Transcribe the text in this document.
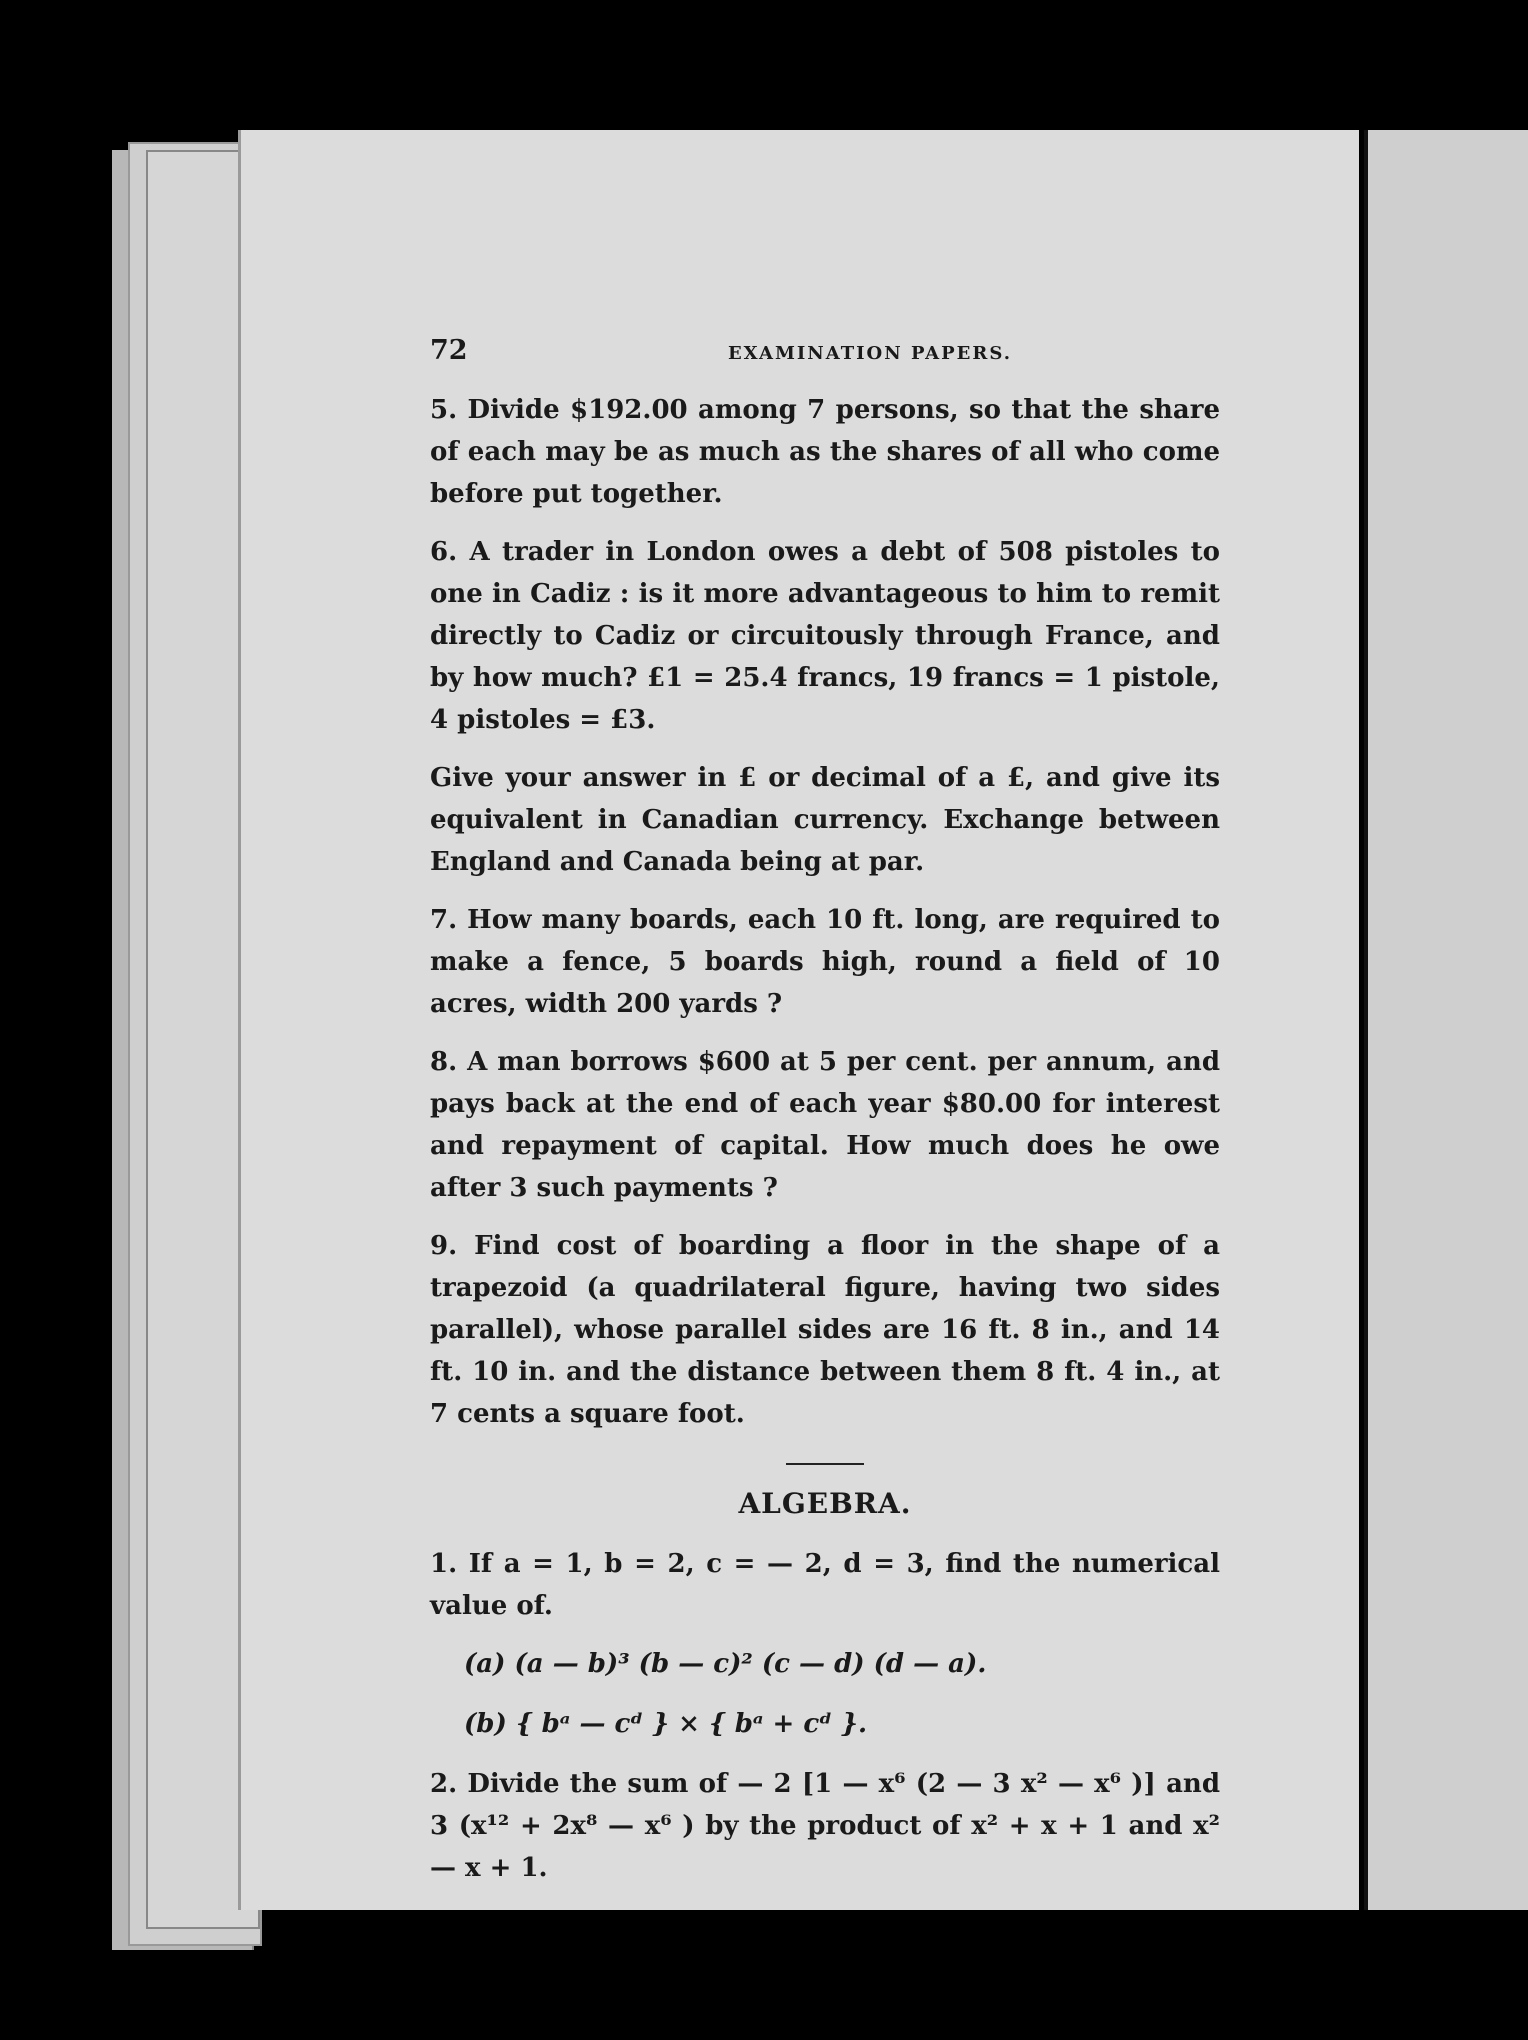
72	EXAMINATION PAPERS.

5. Divide $192.00 among 7 persons, so that the share of each may be as much as the shares of all who come before put together.

6. A trader in London owes a debt of 508 pistoles to one in Cadiz : is it more advantageous to him to remit directly to Cadiz or circuitously through France, and by how much? £1 = 25.4 francs, 19 francs = 1 pistole, 4 pistoles = £3.

Give your answer in £ or decimal of a £, and give its equivalent in Canadian currency. Exchange between England and Canada being at par.

7. How many boards, each 10 ft. long, are required to make a fence, 5 boards high, round a field of 10 acres, width 200 yards ?

8. A man borrows $600 at 5 per cent. per annum, and pays back at the end of each year $80.00 for interest and repayment of capital. How much does he owe after 3 such payments ?

9. Find cost of boarding a floor in the shape of a trapezoid (a quadrilateral figure, having two sides parallel), whose parallel sides are 16 ft. 8 in., and 14 ft. 10 in. and the distance between them 8 ft. 4 in., at 7 cents a square foot.

ALGEBRA.

1. If a = 1, b = 2, c = — 2, d = 3, find the numerical value of.

(a) (a — b)³ (b — c)² (c — d) (d — a).

(b) { bᵃ — cᵈ } × { bᵃ + cᵈ }.

2. Divide the sum of — 2 [1 — x⁶ (2 — 3 x² — x⁶ )] and 3 (x¹² + 2x⁸ — x⁶ ) by the product of x² + x + 1 and x² — x + 1.
